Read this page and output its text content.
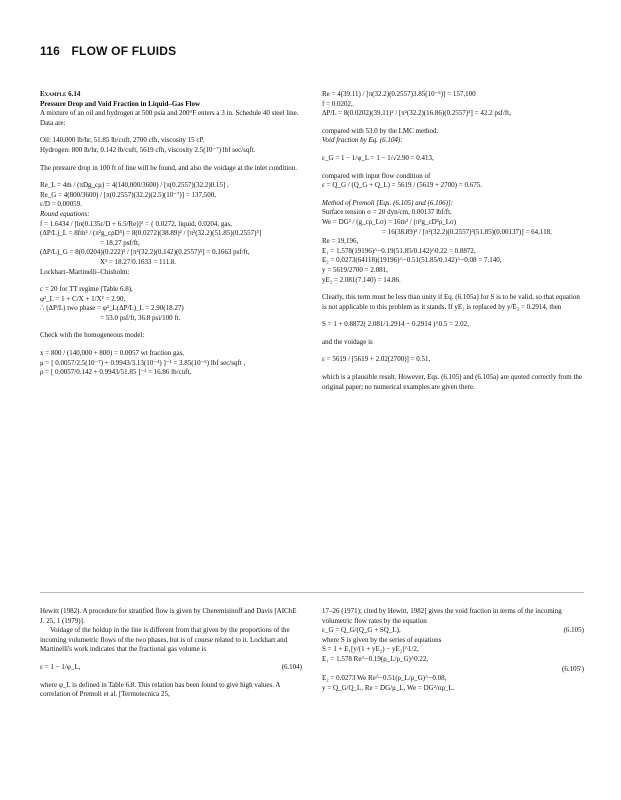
116 FLOW OF FLUIDS
Example 6.14
Pressure Drop and Void Fraction in Liquid–Gas Flow
A mixture of an oil and hydrogen at 500 psia and 200°F enters a 3 in. Schedule 40 steel line. Data are:
Oil: 140,000 lb/hr, 51.85 lb/cuft, 2700 cfh, viscosity 15 cP.
Hydrogen: 800 lb/hr, 0.142 lb/cuft, 5619 cfh, viscosity 2.5(10⁻⁷) lbf sec/sqft.
The pressure drop in 100 ft of line will be found, and also the voidage at the inlet condition.
Re_L = 4ṁ / (πDg_cμ) = 4(140,000/3600) / [π(0.2557)(32.2)0.15] ,
Re_G = 4(800/3600) / [π(0.2557)(32.2)(2.5)(10⁻⁷)] = 137,500,
ε/D = 0.00059.
Round equations:
f = 1.6434 / [ln(0.135ε/D + 6.5/Re)]² = { 0.0272, liquid, 0.0204, gas,
(ΔP/L)_L = 8fṁ² / (π²g_cρD⁵) = 8(0.0272)(38.89)² / [π²(32.2)(51.85)(0.2557)⁵]
= 18.27 psf/ft,
(ΔP/L)_G = 8(0.0204)(0.222)² / [π²(32.2)(0.142)(0.2557)⁵] = 0.1663 psf/ft,
X² = 18.27/0.1633 = 111.8.
Lockhart–Martinelli–Chisholm:
c = 20 for TT regime (Table 6.8),
φ²_L = 1 + C/X + 1/X² = 2.90,
∴ (ΔP/L) two phase = φ²_L(ΔP/L)_L = 2.90(18.27)
= 53.0 psf/ft, 36.8 psi/100 ft.
Check with the homogeneous model:
x = 800 / (140,000 + 800) = 0.0057 wt fraction gas,
μ = [ 0.0057/2.5(10⁻⁷) + 0.9943/3.13(10⁻⁴) ]⁻¹ = 3.85(10⁻⁵) lbf sec/sqft ,
ρ = [ 0.0057/0.142 + 0.9943/51.85 ]⁻¹ = 16.86 lb/cuft,
Re = 4(39.11) / [π(32.2)(0.2557)3.85(10⁻⁵)] = 157,100
f = 0.0202,
ΔP/L = 8(0.0202)(39.11)² / [π²(32.2)(16.86)(0.2557)⁵] = 42.2 psf/ft,
compared with 53.0 by the LMC method.
Void fraction by Eq. (6.104):
ε_G = 1 − 1/φ_L = 1 − 1/√2.90 = 0.413,
compared with input flow condition of
ε = Q_G / (Q_G + Q_L) = 5619 / (5619 + 2700) = 0.675.
Method of Premoli [Eqs. (6.105) and (6.106)]:
Surface tension σ = 20 dyn/cm, 0.00137 lbf/ft,
We = DG² / (g_cρ_Lσ) = 16ṁ² / (π²g_cD³ρ_Lσ)
= 16(38.89)² / [π²(32.2)(0.2557)³(51.85)(0.00137)] = 64,118,
Re = 19,196,
E₁ = 1.578(19196)^−0.19(51.85/0.142)^0.22 = 0.8872,
E₂ = 0.0273(64118)(19196)^−0.51(51.85/0.142)^−0.08 = 7.140,
y = 5619/2700 = 2.081,
yE₂ = 2.081(7.140) = 14.86.
Clearly, this term must be less than unity if Eq. (6.105a) for S is to be valid, so that equation is not applicable to this problem as it stands. If yE₂ is replaced by y/E₂ = 0.2914, then
S = 1 + 0.8872( 2.081/1.2914 − 0.2914 )^0.5 = 2.02,
and the voidage is
ε = 5619 / [5619 + 2.02(2700)] = 0.51,
which is a plausible result. However, Eqs. (6.105) and (6.105a) are quoted correctly from the original paper; no numerical examples are given there.
Hewitt (1982). A procedure for stratified flow is given by Cheremisinoff and Davis [AIChE J. 25, 1 (1979)].
Voidage of the holdup in the line is different from that given by the proportions of the incoming volumetric flows of the two phases, but is of course related to it. Lockhart and Martinelli's work indicates that the fractional gas volume is
ε = 1 − 1/φ_L,	(6.104)
where φ_L is defined in Table 6.8. This relation has been found to give high values. A correlation of Premoli et al. [Termotecnica 25,
17–26 (1971); cited by Hewitt, 1982] gives the void fraction in terms of the incoming volumetric flow rates by the equation
ε_G = Q_G/(Q_G + SQ_L),	(6.105)
where S is given by the series of equations
S = 1 + E₁[y/(1 + yE₂) − yE₂]^1/2,
E₁ = 1.578 Re^−0.19(ρ_L/ρ_G)^0.22,
(6.105′)
E₂ = 0.0273 We Re^−0.51(ρ_L/ρ_G)^−0.08,
y = Q_G/Q_L, Re = DG/μ_L, We = DG²/σρ_L.
